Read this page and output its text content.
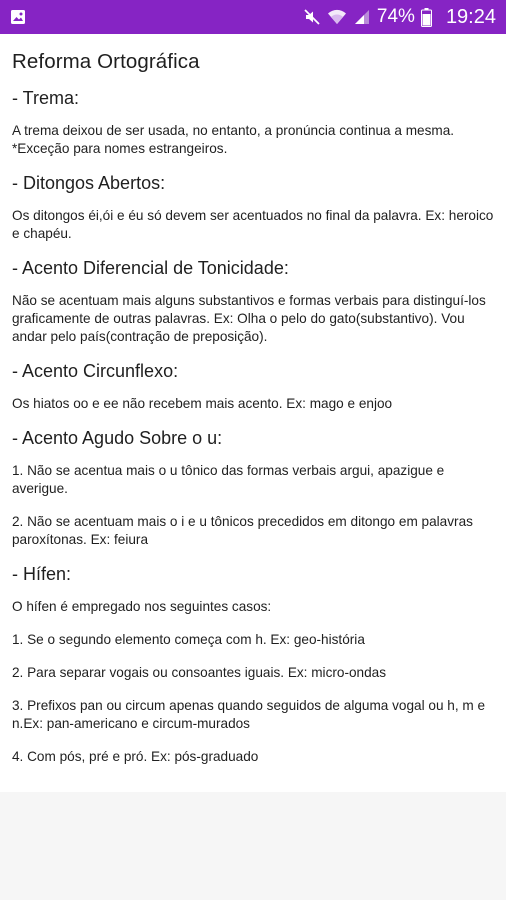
74% 19:24
Reforma Ortográfica
- Trema:

A trema deixou de ser usada, no entanto, a pronúncia continua a mesma. *Exceção para nomes estrangeiros.

- Ditongos Abertos:

Os ditongos éi,ói e éu só devem ser acentuados no final da palavra. Ex: heroico e chapéu.

- Acento Diferencial de Tonicidade:

Não se acentuam mais alguns substantivos e formas verbais para distinguí-los graficamente de outras palavras. Ex: Olha o pelo do gato(substantivo). Vou andar pelo país(contração de preposição).

- Acento Circunflexo:

Os hiatos oo e ee não recebem mais acento. Ex: mago e enjoo

- Acento Agudo Sobre o u:

1. Não se acentua mais o u tônico das formas verbais argui, apazigue e averigue.

2. Não se acentuam mais o i e u tônicos precedidos em ditongo em palavras paroxítonas. Ex: feiura

- Hífen:

O hífen é empregado nos seguintes casos:

1. Se o segundo elemento começa com h. Ex: geo-história

2. Para separar vogais ou consoantes iguais. Ex: micro-ondas

3. Prefixos pan ou circum apenas quando seguidos de alguma vogal ou h, m e n.Ex: pan-americano e circum-murados

4. Com pós, pré e pró. Ex: pós-graduado
